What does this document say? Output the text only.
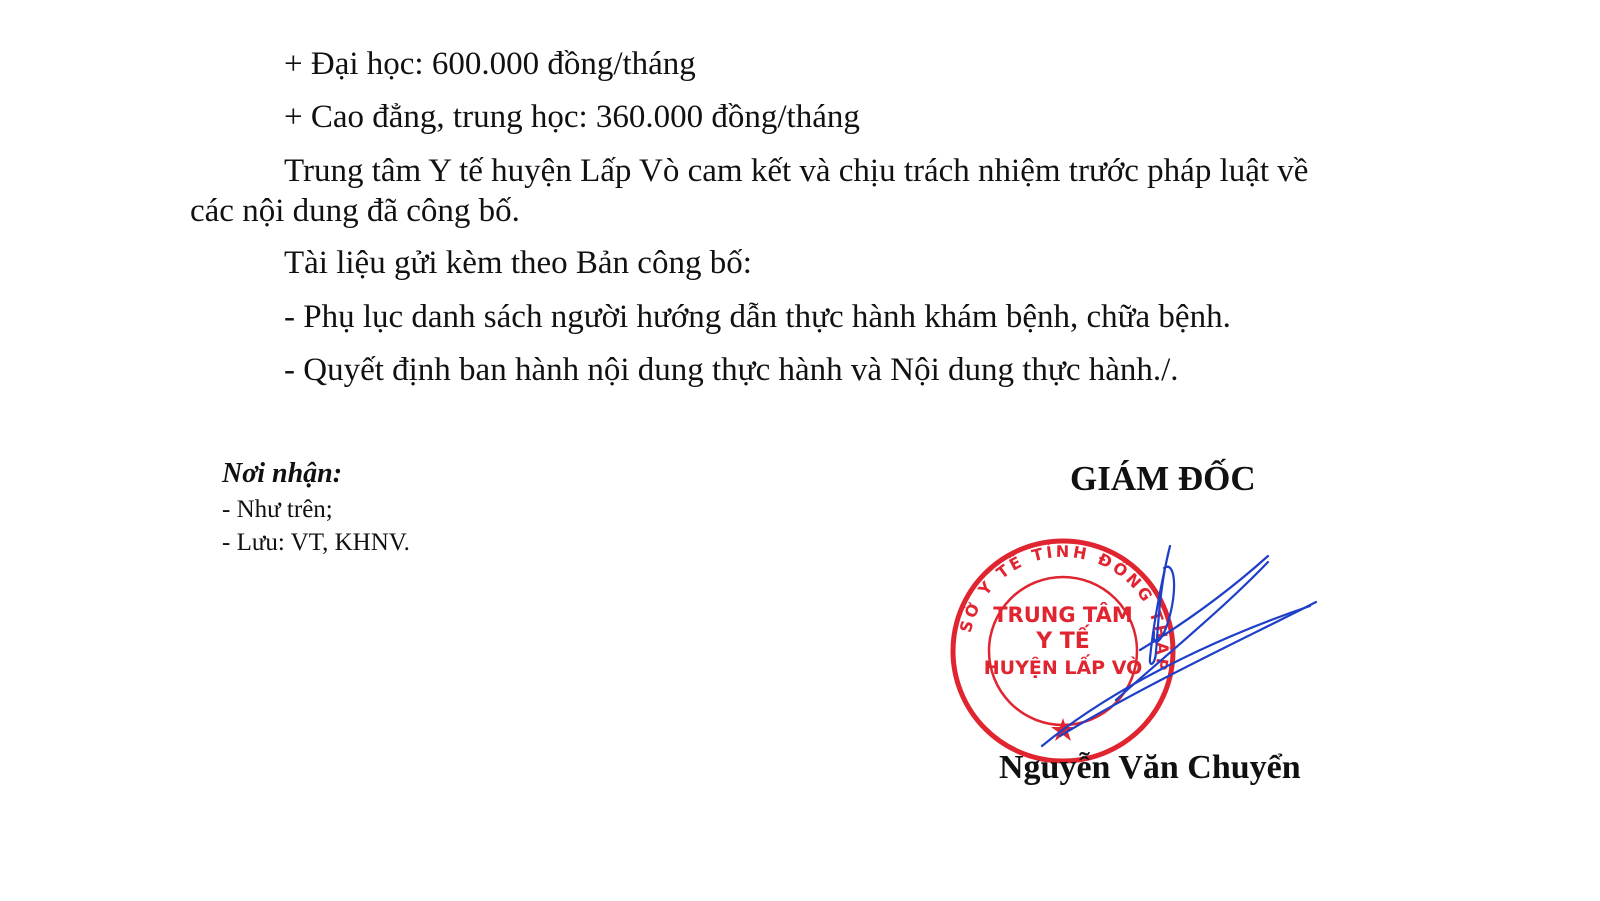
+ Đại học: 600.000 đồng/tháng

+ Cao đẳng, trung học: 360.000 đồng/tháng

Trung tâm Y tế huyện Lấp Vò cam kết và chịu trách nhiệm trước pháp luật về

các nội dung đã công bố.

Tài liệu gửi kèm theo Bản công bố:

- Phụ lục danh sách người hướng dẫn thực hành khám bệnh, chữa bệnh.

- Quyết định ban hành nội dung thực hành và Nội dung thực hành./.

Nơi nhận:

- Như trên;

- Lưu: VT, KHNV.

GIÁM ĐỐC

SỞ Y TẾ TỈNH ĐỒNG THÁP
TRUNG TÂM
Y TẾ
HUYỆN LẤP VÒ

Nguyễn Văn Chuyển
